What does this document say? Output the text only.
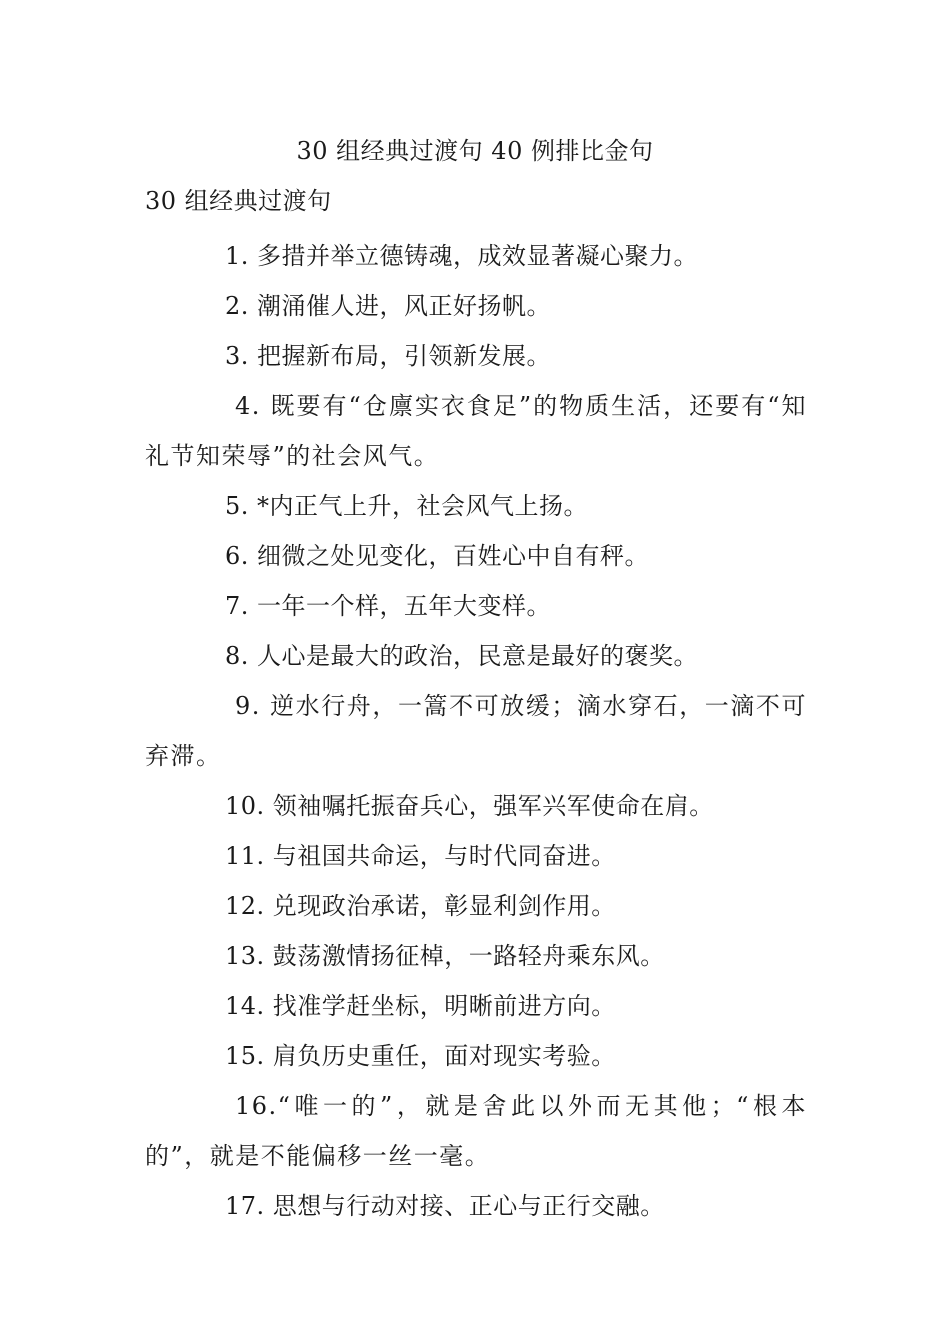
30 组经典过渡句 40 例排比金句
30 组经典过渡句

1. 多措并举立德铸魂，成效显著凝心聚力。

2. 潮涌催人进，风正好扬帆。

3. 把握新布局，引领新发展。

4. 既要有“仓廪实衣食足”的物质生活，还要有“知礼节知荣辱”的社会风气。

5. *内正气上升，社会风气上扬。

6. 细微之处见变化，百姓心中自有秤。

7. 一年一个样，五年大变样。

8. 人心是最大的政治，民意是最好的褒奖。

9. 逆水行舟，一篙不可放缓；滴水穿石，一滴不可弃滞。

10. 领袖嘱托振奋兵心，强军兴军使命在肩。

11. 与祖国共命运，与时代同奋进。

12. 兑现政治承诺，彰显利剑作用。

13. 鼓荡激情扬征棹，一路轻舟乘东风。

14. 找准学赶坐标，明晰前进方向。

15. 肩负历史重任，面对现实考验。

16.“唯一的”，就是舍此以外而无其他；“根本的”，就是不能偏移一丝一毫。

17. 思想与行动对接、正心与正行交融。
